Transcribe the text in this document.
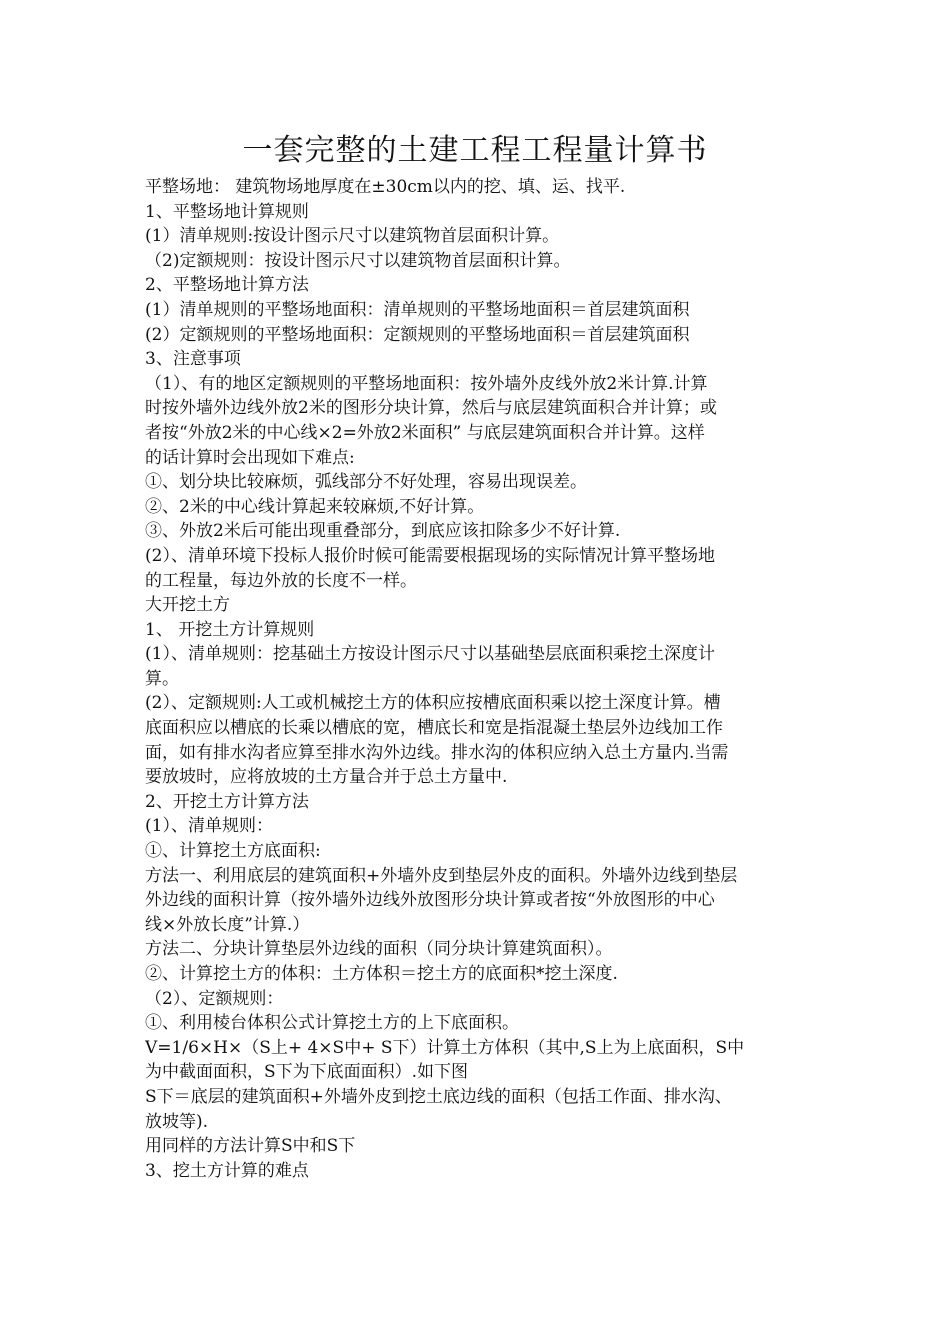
一套完整的土建工程工程量计算书

平整场地： 建筑物场地厚度在±30cm以内的挖、填、运、找平.

1、平整场地计算规则

(1）清单规则:按设计图示尺寸以建筑物首层面积计算。

（2)定额规则：按设计图示尺寸以建筑物首层面积计算。

2、平整场地计算方法

(1）清单规则的平整场地面积：清单规则的平整场地面积＝首层建筑面积

(2）定额规则的平整场地面积：定额规则的平整场地面积＝首层建筑面积

3、注意事项

（1）、有的地区定额规则的平整场地面积：按外墙外皮线外放2米计算.计算

时按外墙外边线外放2米的图形分块计算，然后与底层建筑面积合并计算；或

者按“外放2米的中心线×2=外放2米面积” 与底层建筑面积合并计算。这样

的话计算时会出现如下难点:

①、划分块比较麻烦，弧线部分不好处理，容易出现误差。

②、2米的中心线计算起来较麻烦,不好计算。

③、外放2米后可能出现重叠部分，到底应该扣除多少不好计算.

(2）、清单环境下投标人报价时候可能需要根据现场的实际情况计算平整场地

的工程量，每边外放的长度不一样。

大开挖土方

1、 开挖土方计算规则

(1）、清单规则：挖基础土方按设计图示尺寸以基础垫层底面积乘挖土深度计

算。

(2）、定额规则:人工或机械挖土方的体积应按槽底面积乘以挖土深度计算。槽

底面积应以槽底的长乘以槽底的宽，槽底长和宽是指混凝土垫层外边线加工作

面，如有排水沟者应算至排水沟外边线。排水沟的体积应纳入总土方量内.当需

要放坡时，应将放坡的土方量合并于总土方量中.

2、开挖土方计算方法

(1）、清单规则：

①、计算挖土方底面积:

方法一、利用底层的建筑面积+外墙外皮到垫层外皮的面积。外墙外边线到垫层

外边线的面积计算（按外墙外边线外放图形分块计算或者按“外放图形的中心

线×外放长度”计算.）

方法二、分块计算垫层外边线的面积（同分块计算建筑面积）。

②、计算挖土方的体积：土方体积＝挖土方的底面积*挖土深度.

（2）、定额规则：

①、利用棱台体积公式计算挖土方的上下底面积。

V=1/6×H×（S上+ 4×S中+ S下）计算土方体积（其中,S上为上底面积，S中

为中截面面积，S下为下底面面积）.如下图

S下＝底层的建筑面积+外墙外皮到挖土底边线的面积（包括工作面、排水沟、

放坡等).

用同样的方法计算S中和S下

3、挖土方计算的难点
